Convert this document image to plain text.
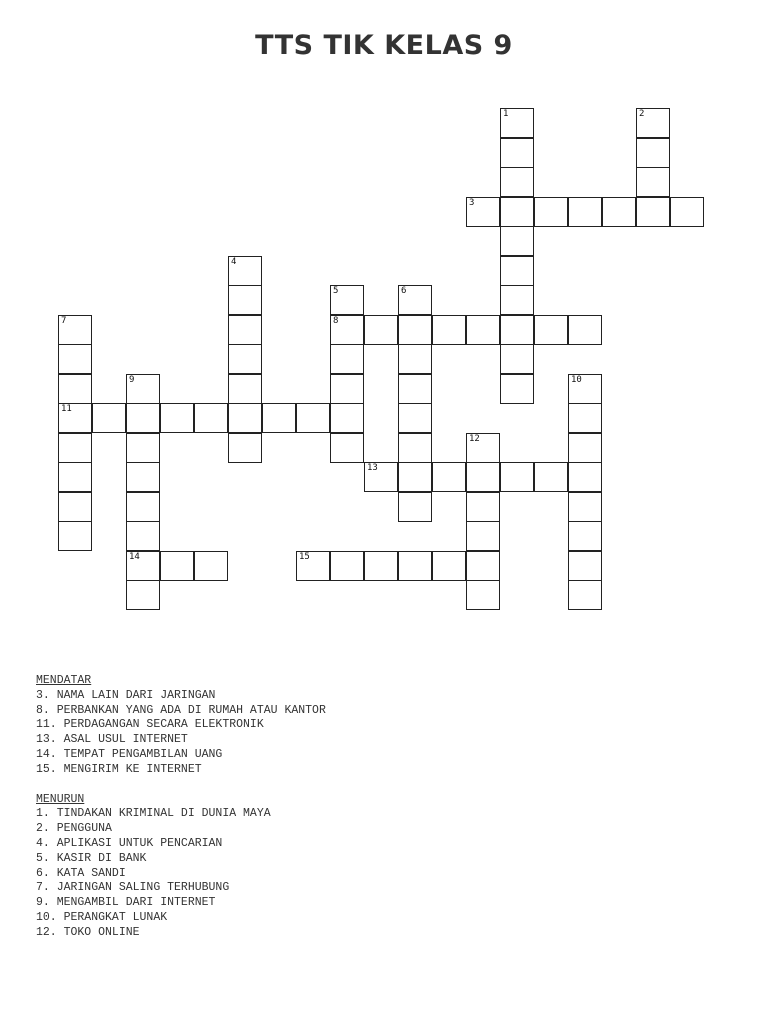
TTS TIK KELAS 9
3
8
11
13
14	15
1	2
4
5	6
7
9	10
12
MENDATAR
3. NAMA LAIN DARI JARINGAN
8. PERBANKAN YANG ADA DI RUMAH ATAU KANTOR
11. PERDAGANGAN SECARA ELEKTRONIK
13. ASAL USUL INTERNET
14. TEMPAT PENGAMBILAN UANG
15. MENGIRIM KE INTERNET
MENURUN
1. TINDAKAN KRIMINAL DI DUNIA MAYA
2. PENGGUNA
4. APLIKASI UNTUK PENCARIAN
5. KASIR DI BANK
6. KATA SANDI
7. JARINGAN SALING TERHUBUNG
9. MENGAMBIL DARI INTERNET
10. PERANGKAT LUNAK
12. TOKO ONLINE
